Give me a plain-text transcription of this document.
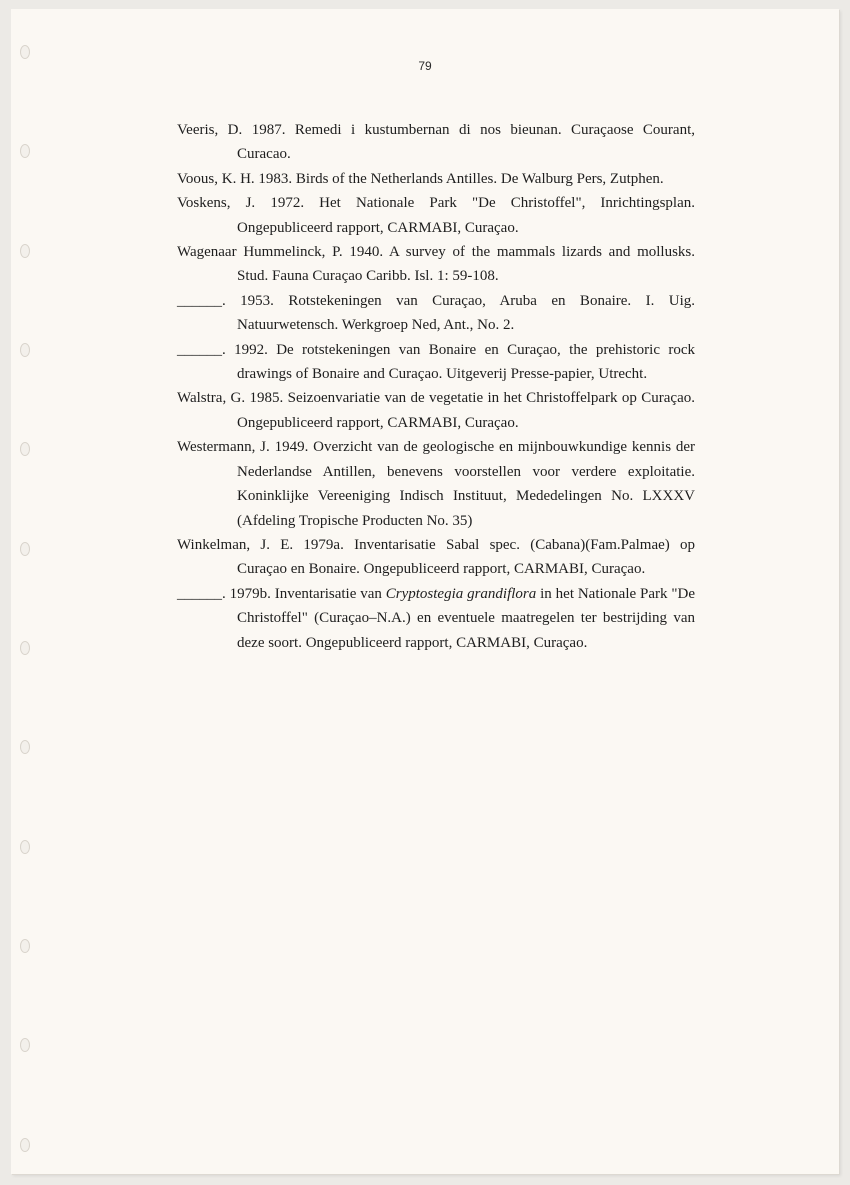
79

Veeris, D. 1987. Remedi i kustumbernan di nos bieunan. Curaçaose Courant, Curacao.

Voous, K. H. 1983. Birds of the Netherlands Antilles. De Walburg Pers, Zutphen.

Voskens, J. 1972. Het Nationale Park "De Christoffel", Inrichtingsplan. Ongepubliceerd rapport, CARMABI, Curaçao.

Wagenaar Hummelinck, P. 1940. A survey of the mammals lizards and mollusks. Stud. Fauna Curaçao Caribb. Isl. 1: 59-108.

______. 1953. Rotstekeningen van Curaçao, Aruba en Bonaire. I. Uig. Natuurwetensch. Werkgroep Ned, Ant., No. 2.

______. 1992. De rotstekeningen van Bonaire en Curaçao, the prehistoric rock drawings of Bonaire and Curaçao. Uitgeverij Presse-papier, Utrecht.

Walstra, G. 1985. Seizoenvariatie van de vegetatie in het Christoffelpark op Curaçao. Ongepubliceerd rapport, CARMABI, Curaçao.

Westermann, J. 1949. Overzicht van de geologische en mijnbouwkundige kennis der Nederlandse Antillen, benevens voorstellen voor verdere exploitatie. Koninklijke Vereeniging Indisch Instituut, Mededelingen No. LXXXV (Afdeling Tropische Producten No. 35)

Winkelman, J. E. 1979a. Inventarisatie Sabal spec. (Cabana)(Fam.Palmae) op Curaçao en Bonaire. Ongepubliceerd rapport, CARMABI, Curaçao.

______. 1979b. Inventarisatie van Cryptostegia grandiflora in het Nationale Park "De Christoffel" (Curaçao–N.A.) en eventuele maatregelen ter bestrijding van deze soort. Ongepubliceerd rapport, CARMABI, Curaçao.
